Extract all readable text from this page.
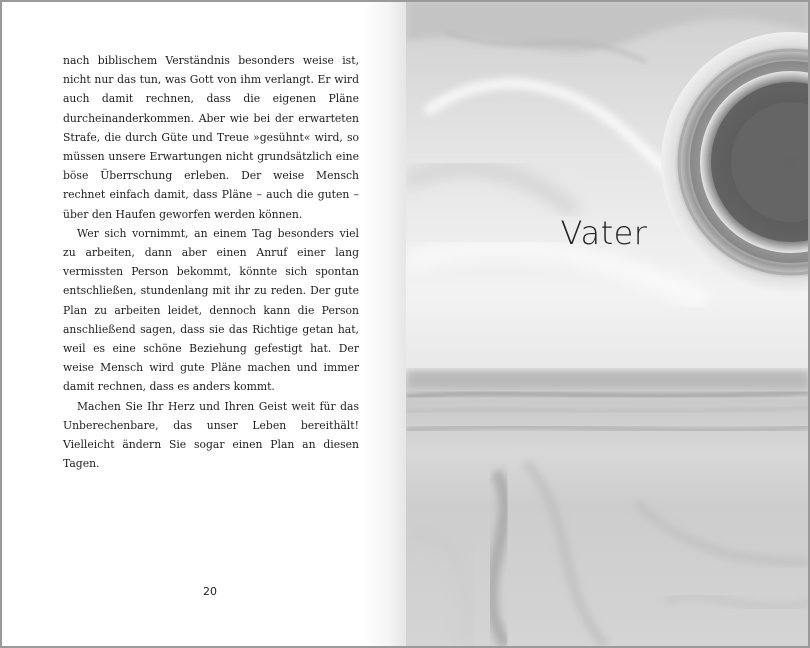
nach biblischem Verständnis besonders weise ist, nicht nur das tun, was Gott von ihm verlangt. Er wird auch damit rechnen, dass die eigenen Pläne durcheinanderkommen. Aber wie bei der erwarteten Strafe, die durch Güte und Treue »gesühnt« wird, so müssen unsere Erwartungen nicht grundsätzlich eine böse Überrschung erleben. Der weise Mensch rechnet einfach damit, dass Pläne – auch die guten – über den Haufen geworfen werden können.

Wer sich vornimmt, an einem Tag besonders viel zu arbeiten, dann aber einen Anruf einer lang vermissten Person bekommt, könnte sich spontan entschließen, stundenlang mit ihr zu reden. Der gute Plan zu arbeiten leidet, dennoch kann die Person anschließend sagen, dass sie das Richtige getan hat, weil es eine schöne Beziehung gefestigt hat. Der weise Mensch wird gute Pläne machen und immer damit rechnen, dass es anders kommt.

Machen Sie Ihr Herz und Ihren Geist weit für das Unberechenbare, das unser Leben bereithält! Vielleicht ändern Sie sogar einen Plan an diesen Tagen.

20
Vater
